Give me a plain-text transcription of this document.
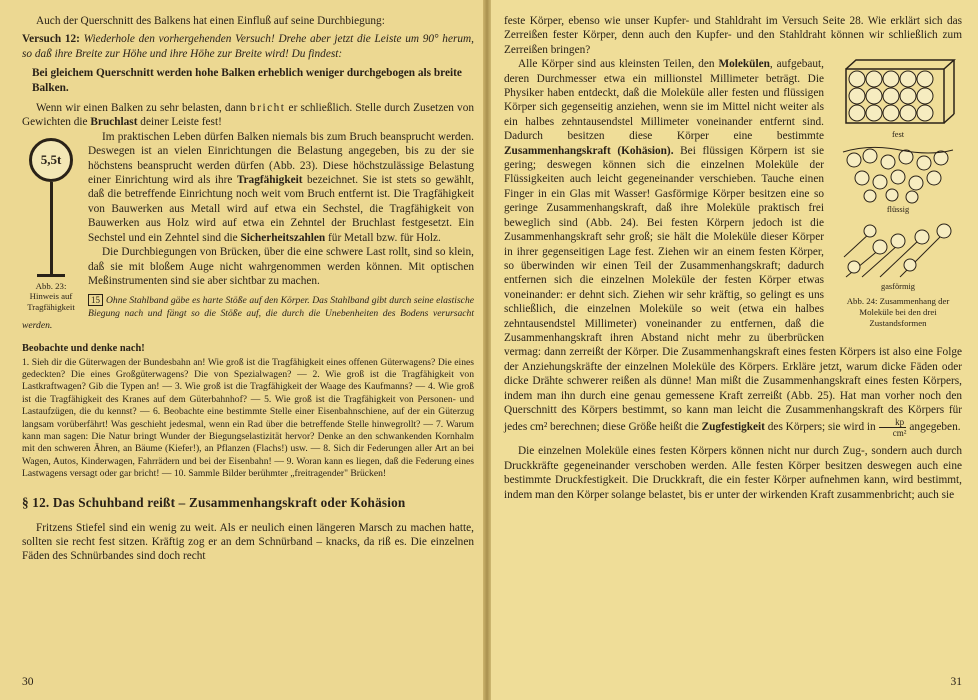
Auch der Querschnitt des Balkens hat einen Einfluß auf seine Durchbiegung:

Versuch 12: Wiederhole den vorhergehenden Versuch! Drehe aber jetzt die Leiste um 90° herum, so daß ihre Breite zur Höhe und ihre Höhe zur Breite wird! Du findest:

Bei gleichem Querschnitt werden hohe Balken erheblich weniger durchgebogen als breite Balken.

Wenn wir einen Balken zu sehr belasten, dann bricht er schließlich. Stelle durch Zusetzen von Gewichten die Bruchlast deiner Leiste fest!

5,5t
Abb. 23: Hinweis auf Tragfähigkeit

Im praktischen Leben dürfen Balken niemals bis zum Bruch beansprucht werden. Deswegen ist an vielen Einrichtungen die Belastung angegeben, bis zu der sie höchstens beansprucht werden dürfen (Abb. 23). Diese höchstzulässige Belastung einer Einrichtung wird als ihre Tragfähigkeit bezeichnet. Sie ist stets so gewählt, daß die betreffende Einrichtung noch weit vom Bruch entfernt ist. Die Tragfähigkeit von Bauwerken aus Metall wird auf etwa ein Sechstel, die Tragfähigkeit von Bauwerken aus Holz wird auf etwa ein Zehntel der Bruchlast festgesetzt. Ein Sechstel und ein Zehntel sind die Sicherheitszahlen für Metall bzw. für Holz.

Die Durchbiegungen von Brücken, über die eine schwere Last rollt, sind so klein, daß sie mit bloßem Auge nicht wahrgenommen werden können. Mit optischen Meßinstrumenten sind sie aber sichtbar zu machen.

15 Ohne Stahlband gäbe es harte Stöße auf den Körper. Das Stahlband gibt durch seine elastische Biegung nach und fängt so die Stöße auf, die durch die Unebenheiten des Bodens verursacht werden.

Beobachte und denke nach!

1. Sieh dir die Güterwagen der Bundesbahn an! Wie groß ist die Tragfähigkeit eines offenen Güterwagens? Die eines gedeckten? Die eines Großgüterwagens? Die von Spezialwagen? — 2. Wie groß ist die Tragfähigkeit von Lastkraftwagen? Gib die Typen an! — 3. Wie groß ist die Tragfähigkeit der Waage des Kaufmanns? — 4. Wie groß ist die Tragfähigkeit des Kranes auf dem Güterbahnhof? — 5. Wie groß ist die Tragfähigkeit von Personen- und Lastaufzügen, die du kennst? — 6. Beobachte eine bestimmte Stelle einer Eisenbahnschiene, auf der ein Güterzug langsam vorüberfährt! Was geschieht jedesmal, wenn ein Rad über die betreffende Stelle hinwegrollt? — 7. Warum kann man sagen: Die Natur bringt Wunder der Biegungselastizität hervor? Denke an den schwankenden Kornhalm mit den schweren Ähren, an Bäume (Kiefer!), an Pflanzen (Flachs!) usw. — 8. Sich dir Federungen aller Art an bei Wagen, Autos, Kinderwagen, Fahrrädern und bei der Eisenbahn! — 9. Woran kann es liegen, daß die Federung eines Lastwagens versagt oder gar bricht! — 10. Sammle Bilder berühmter „freitragender" Brücken!

§ 12. Das Schuhband reißt – Zusammenhangskraft oder Kohäsion

Fritzens Stiefel sind ein wenig zu weit. Als er neulich einen längeren Marsch zu machen hatte, sollten sie recht fest sitzen. Kräftig zog er an dem Schnürband – knacks, da riß es. Die einzelnen Fäden des Schnürbandes sind doch recht

30

feste Körper, ebenso wie unser Kupfer- und Stahldraht im Versuch Seite 28. Wie erklärt sich das Zerreißen fester Körper, denn auch den Kupfer- und den Stahldraht können wir schließlich zum Zerreißen bringen?

fest
flüssig
gasförmig
Abb. 24: Zusammenhang der Moleküle bei den drei Zustandsformen

Alle Körper sind aus kleinsten Teilen, den Molekülen, aufgebaut, deren Durchmesser etwa ein millionstel Millimeter beträgt. Die Physiker haben entdeckt, daß die Moleküle aller festen und flüssigen Körper sich gegenseitig anziehen, wenn sie im Mittel nicht weiter als ein halbes zehntausendstel Millimeter voneinander entfernt sind. Dadurch besitzen diese Körper eine bestimmte Zusammenhangskraft (Kohäsion). Bei flüssigen Körpern ist sie gering; deswegen können sich die einzelnen Moleküle der Flüssigkeiten auch leicht gegeneinander verschieben. Tauche einen Finger in ein Glas mit Wasser! Gasförmige Körper besitzen eine so geringe Zusammenhangskraft, daß ihre Moleküle praktisch frei beweglich sind (Abb. 24). Bei festen Körpern jedoch ist die Zusammenhangskraft sehr groß; sie hält die Moleküle dieser Körper in ihrer gegenseitigen Lage fest. Ziehen wir an einem festen Körper, so überwinden wir einen Teil der Zusammenhangskraft; dadurch entfernen sich die einzelnen Moleküle der festen Körper etwas voneinander: er dehnt sich. Ziehen wir sehr kräftig, so gelingt es uns schließlich, die einzelnen Moleküle so weit (etwa ein halbes zehntausendstel Millimeter) voneinander zu entfernen, daß die Zusammenhangskraft ihren Abstand nicht mehr zu überbrücken vermag: dann zerreißt der Körper. Die Zusammenhangskraft eines festen Körpers ist also eine Folge der Anziehungskräfte der einzelnen Moleküle des Körpers. Erkläre jetzt, warum dicke Fäden oder dicke Drähte schwerer reißen als dünne! Man mißt die Zusammenhangskraft eines festen Körpers, indem man ihn durch eine genau gemessene Kraft zerreißt (Abb. 25). Hat man vorher noch den Querschnitt des Körpers bestimmt, so kann man leicht die Zusammenhangskraft des Körpers für jedes cm² berechnen; diese Größe heißt die Zugfestigkeit des Körpers; sie wird in $\frac{kp}{\text{cm²}}$ angegeben.

Die einzelnen Moleküle eines festen Körpers können nicht nur durch Zug-, sondern auch durch Druckkräfte gegeneinander verschoben werden. Alle festen Körper besitzen deswegen auch eine bestimmte Druckfestigkeit. Die Druckkraft, die ein fester Körper aufnehmen kann, wird bestimmt, indem man den Körper solange belastet, bis er unter der wirkenden Kraft zusammenbricht; auch sie

31
